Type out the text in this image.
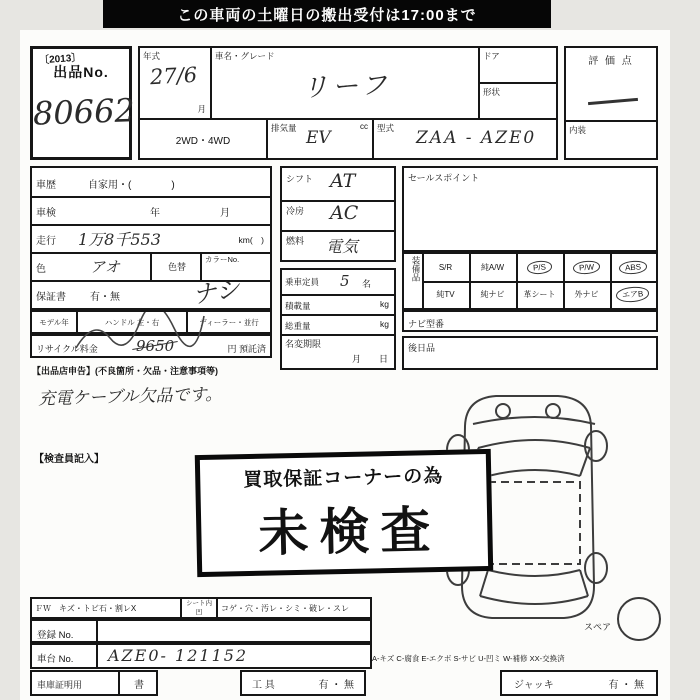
この車両の土曜日の搬出受付は17:00まで
〔2013〕
出品No.
80662
年式
27/6
月
車名・グレード
リーフ
ドア
形状
2WD・4WD
排気量	cc
EV	型式 ZAA - AZE0
評 価 点
内装
車歴	自家用・(　　　　)
車検	年	月
走行 1万8千553	km(　)
色	アオ	色替
カラーNo.
保証書 有・無	ナシ
モデル年	ハンドル 左・右	ディーラー・並行
リサイクル料金	9650	円 預託済
【出品店申告】(不良箇所・欠品・注意事項等)
充電ケーブル欠品です。
シフト AT
冷房 AC
燃料 電気
乗車定員 5 名
積載量	kg
総重量	kg
名変期限
月　　日
セールスポイント
装備品 S/R	純A/W	P/S	P/W	ABS
純TV	純ナビ 革シート 外ナビ	エアB
ナビ型番
後日品
【検査員記入】
買取保証コーナーの為
未検査
スペア
ＦＷ　キズ・トビ石・割レX
シート内
凹	コゲ・穴・汚レ・シミ・破レ・スレ
登録 No.
車台 No. AZE0- 121152	A-キズ C-腐食 E-エクボ S-サビ U-凹ミ W-補修 XX-交換済
車庫証明用	書	工 具	有 ・ 無	ジャッキ	有 ・ 無
